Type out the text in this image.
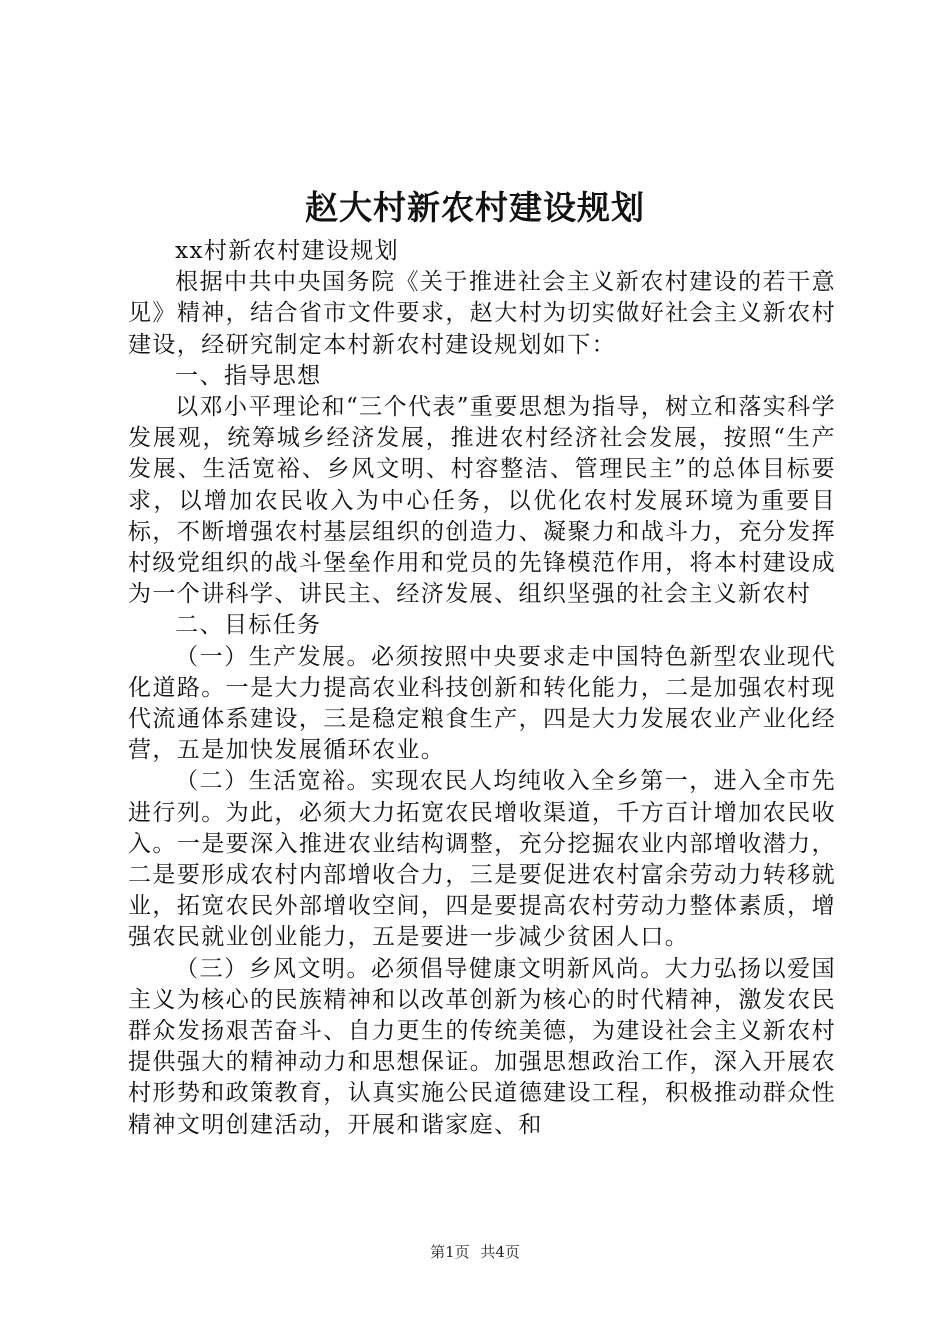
赵大村新农村建设规划

xx村新农村建设规划

根据中共中央国务院《关于推进社会主义新农村建设的若干意见》精神，结合省市文件要求，赵大村为切实做好社会主义新农村建设，经研究制定本村新农村建设规划如下：

一、指导思想

以邓小平理论和“三个代表”重要思想为指导，树立和落实科学发展观，统筹城乡经济发展，推进农村经济社会发展，按照“生产发展、生活宽裕、乡风文明、村容整洁、管理民主”的总体目标要求，以增加农民收入为中心任务，以优化农村发展环境为重要目标，不断增强农村基层组织的创造力、凝聚力和战斗力，充分发挥村级党组织的战斗堡垒作用和党员的先锋模范作用，将本村建设成为一个讲科学、讲民主、经济发展、组织坚强的社会主义新农村

二、目标任务

（一）生产发展。必须按照中央要求走中国特色新型农业现代化道路。一是大力提高农业科技创新和转化能力，二是加强农村现代流通体系建设，三是稳定粮食生产，四是大力发展农业产业化经营，五是加快发展循环农业。

（二）生活宽裕。实现农民人均纯收入全乡第一，进入全市先进行列。为此，必须大力拓宽农民增收渠道，千方百计增加农民收入。一是要深入推进农业结构调整，充分挖掘农业内部增收潜力，二是要形成农村内部增收合力，三是要促进农村富余劳动力转移就业，拓宽农民外部增收空间，四是要提高农村劳动力整体素质，增强农民就业创业能力，五是要进一步减少贫困人口。

（三）乡风文明。必须倡导健康文明新风尚。大力弘扬以爱国主义为核心的民族精神和以改革创新为核心的时代精神，激发农民群众发扬艰苦奋斗、自力更生的传统美德，为建设社会主义新农村提供强大的精神动力和思想保证。加强思想政治工作，深入开展农村形势和政策教育，认真实施公民道德建设工程，积极推动群众性精神文明创建活动，开展和谐家庭、和

第1页 共4页
